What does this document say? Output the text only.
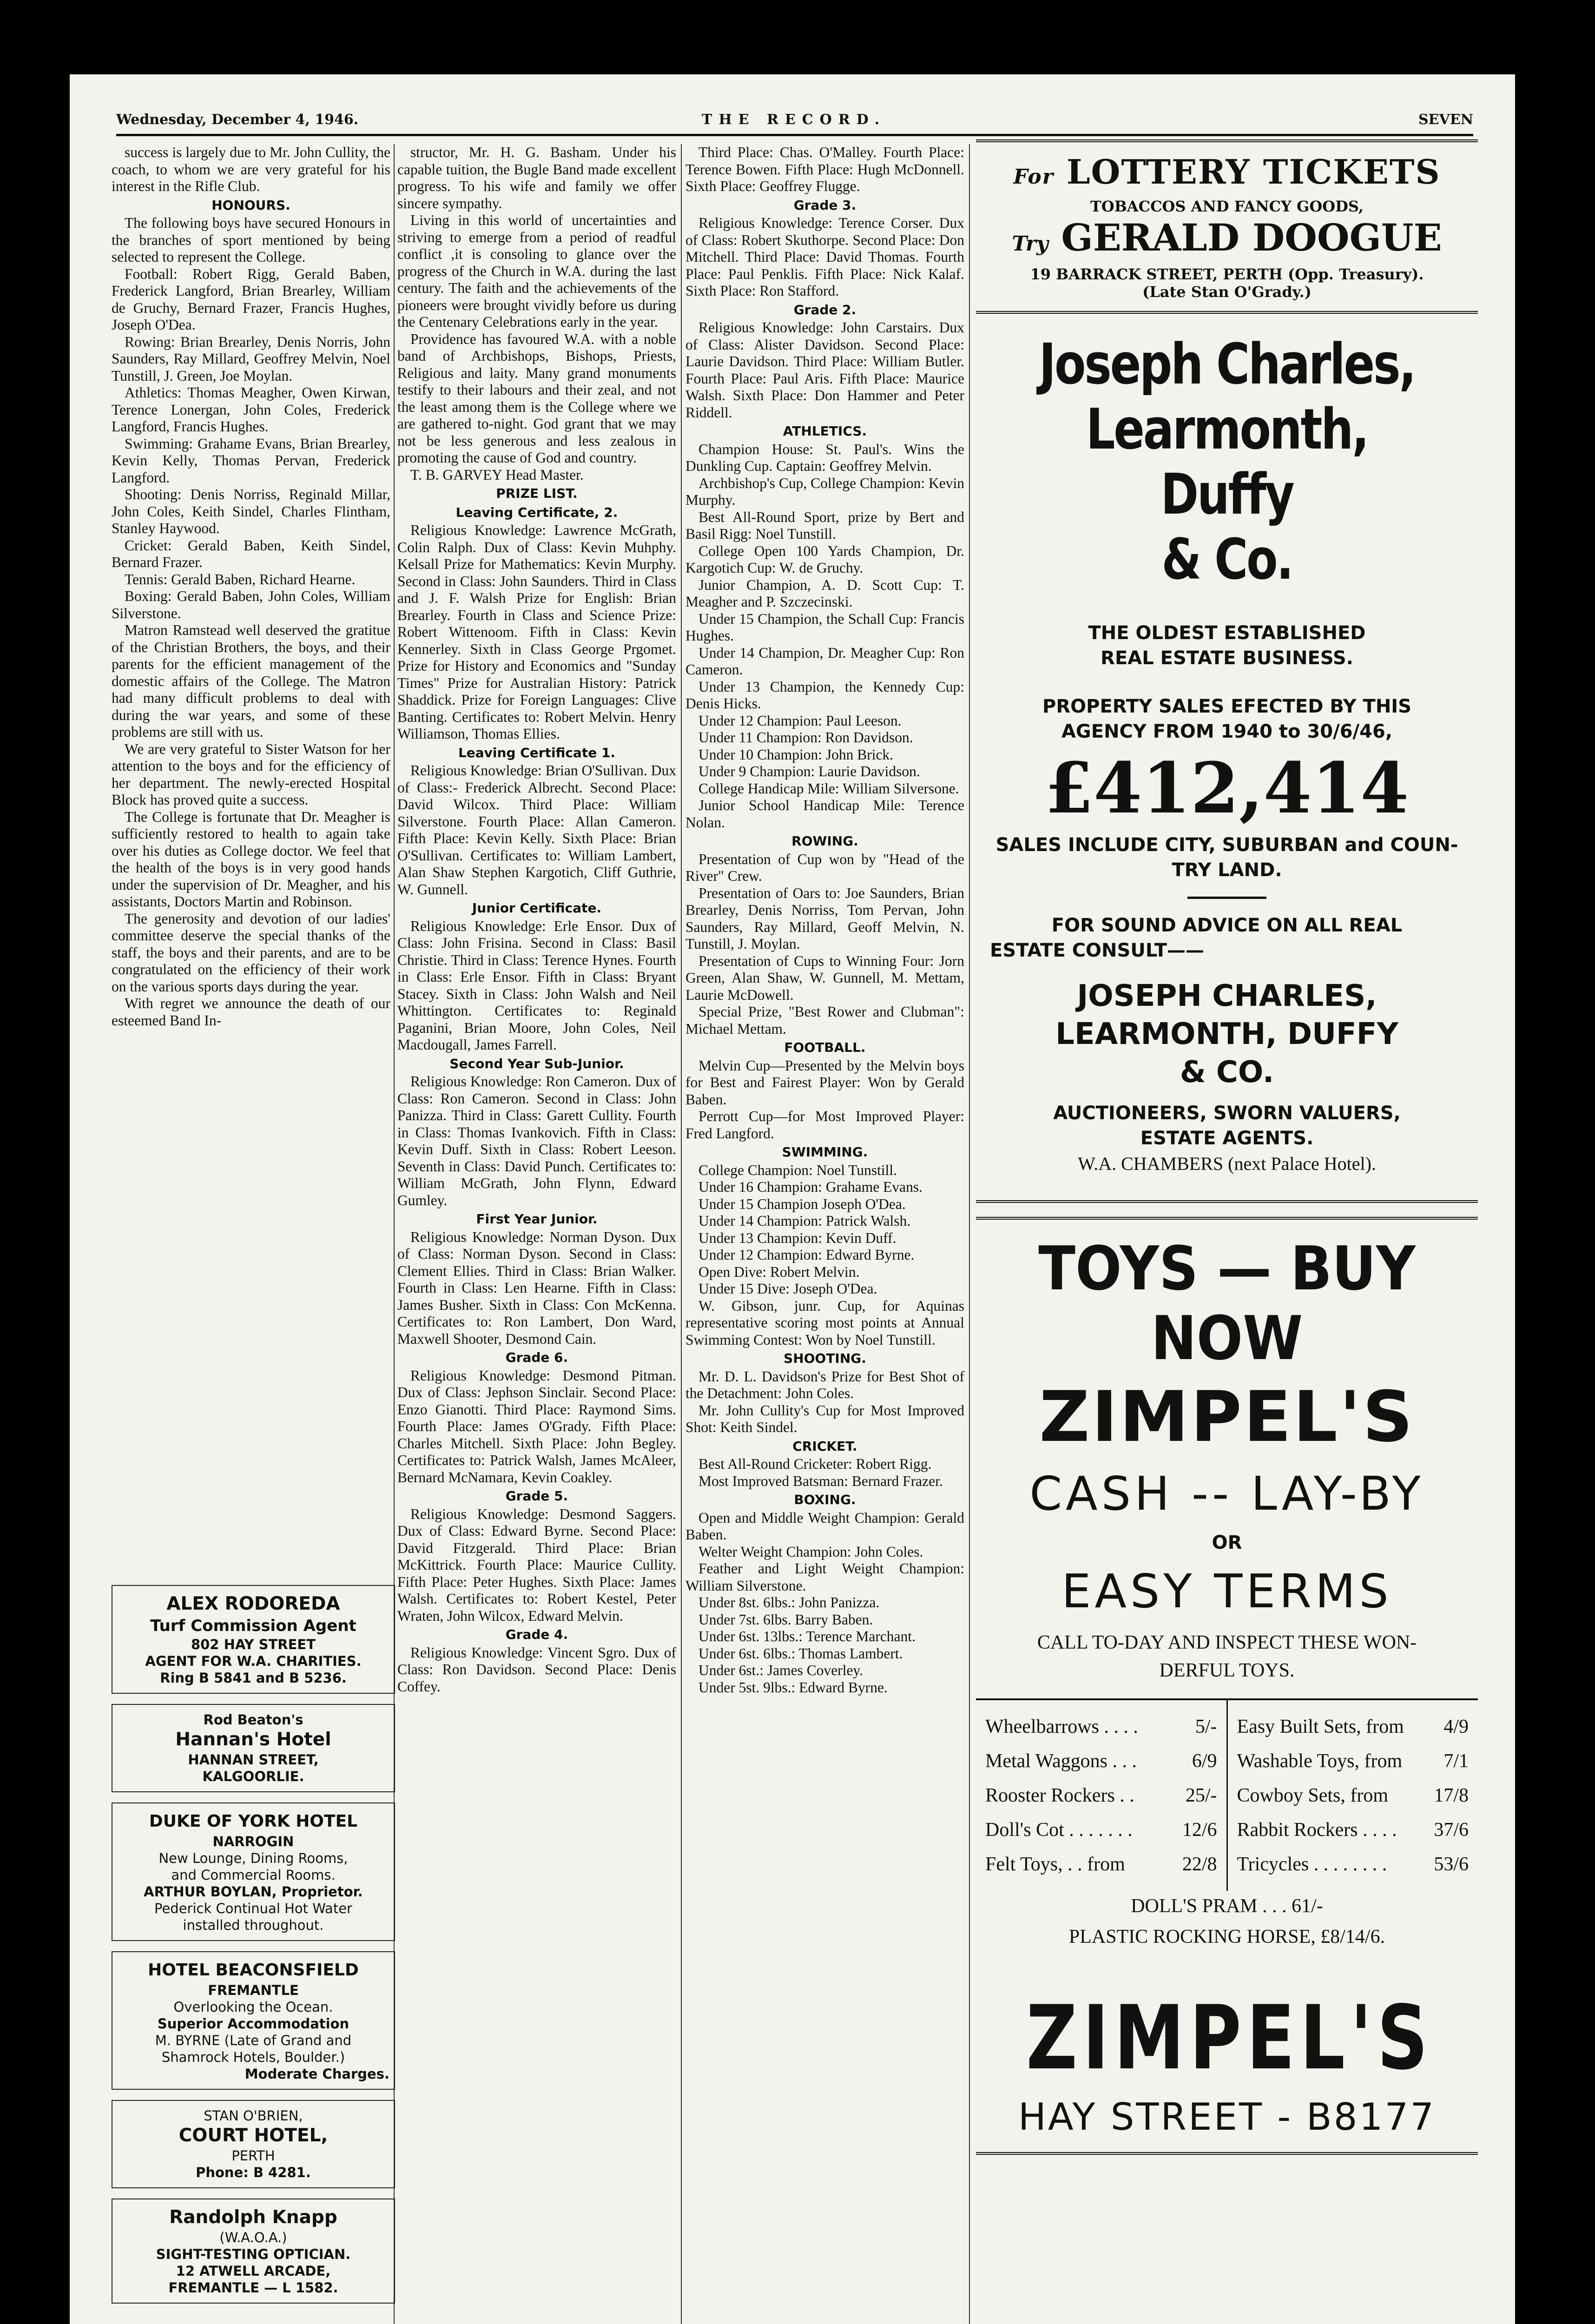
Wednesday, December 4, 1946.	THE RECORD.	SEVEN

success is largely due to Mr. John Cullity, the coach, to whom we are very grateful for his interest in the Rifle Club.

HONOURS.

The following boys have secured Honours in the branches of sport mentioned by being selected to represent the College.

Football: Robert Rigg, Gerald Baben, Frederick Langford, Brian Brearley, William de Gruchy, Bernard Frazer, Francis Hughes, Joseph O'Dea.

Rowing: Brian Brearley, Denis Norris, John Saunders, Ray Millard, Geoffrey Melvin, Noel Tunstill, J. Green, Joe Moylan.

Athletics: Thomas Meagher, Owen Kirwan, Terence Lonergan, John Coles, Frederick Langford, Francis Hughes.

Swimming: Grahame Evans, Brian Brearley, Kevin Kelly, Thomas Pervan, Frederick Langford.

Shooting: Denis Norriss, Reginald Millar, John Coles, Keith Sindel, Charles Flintham, Stanley Haywood.

Cricket: Gerald Baben, Keith Sindel, Bernard Frazer.

Tennis: Gerald Baben, Richard Hearne.

Boxing: Gerald Baben, John Coles, William Silverstone.

Matron Ramstead well deserved the gratitue of the Christian Brothers, the boys, and their parents for the efficient management of the domestic affairs of the College. The Matron had many difficult problems to deal with during the war years, and some of these problems are still with us.

We are very grateful to Sister Watson for her attention to the boys and for the efficiency of her department. The newly-erected Hospital Block has proved quite a success.

The College is fortunate that Dr. Meagher is sufficiently restored to health to again take over his duties as College doctor. We feel that the health of the boys is in very good hands under the supervision of Dr. Meagher, and his assistants, Doctors Martin and Robinson.

The generosity and devotion of our ladies' committee deserve the special thanks of the staff, the boys and their parents, and are to be congratulated on the efficiency of their work on the various sports days during the year.

With regret we announce the death of our esteemed Band In-

structor, Mr. H. G. Basham. Under his capable tuition, the Bugle Band made excellent progress. To his wife and family we offer sincere sympathy.

Living in this world of uncertainties and striving to emerge from a period of readful conflict ,it is consoling to glance over the progress of the Church in W.A. during the last century. The faith and the achievements of the pioneers were brought vividly before us during the Centenary Celebrations early in the year.

Providence has favoured W.A. with a noble band of Archbishops, Bishops, Priests, Religious and laity. Many grand monuments testify to their labours and their zeal, and not the least among them is the College where we are gathered to-night. God grant that we may not be less generous and less zealous in promoting the cause of God and country.

T. B. GARVEY Head Master.

PRIZE LIST.
Leaving Certificate, 2.

Religious Knowledge: Lawrence McGrath, Colin Ralph. Dux of Class: Kevin Muhphy. Kelsall Prize for Mathematics: Kevin Murphy. Second in Class: John Saunders. Third in Class and J. F. Walsh Prize for English: Brian Brearley. Fourth in Class and Science Prize: Robert Wittenoom. Fifth in Class: Kevin Kennerley. Sixth in Class George Prgomet. Prize for History and Economics and "Sunday Times" Prize for Australian History: Patrick Shaddick. Prize for Foreign Languages: Clive Banting. Certificates to: Robert Melvin. Henry Williamson, Thomas Ellies.

Leaving Certificate 1.

Religious Knowledge: Brian O'Sullivan. Dux of Class:- Frederick Albrecht. Second Place: David Wilcox. Third Place: William Silverstone. Fourth Place: Allan Cameron. Fifth Place: Kevin Kelly. Sixth Place: Brian O'Sullivan. Certificates to: William Lambert, Alan Shaw Stephen Kargotich, Cliff Guthrie, W. Gunnell.

Junior Certificate.

Religious Knowledge: Erle Ensor. Dux of Class: John Frisina. Second in Class: Basil Christie. Third in Class: Terence Hynes. Fourth in Class: Erle Ensor. Fifth in Class: Bryant Stacey. Sixth in Class: John Walsh and Neil Whittington. Certificates to: Reginald Paganini, Brian Moore, John Coles, Neil Macdougall, James Farrell.

Second Year Sub-Junior.

Religious Knowledge: Ron Cameron. Dux of Class: Ron Cameron. Second in Class: John Panizza. Third in Class: Garett Cullity. Fourth in Class: Thomas Ivankovich. Fifth in Class: Kevin Duff. Sixth in Class: Robert Leeson. Seventh in Class: David Punch. Certificates to: William McGrath, John Flynn, Edward Gumley.

First Year Junior.

Religious Knowledge: Norman Dyson. Dux of Class: Norman Dyson. Second in Class: Clement Ellies. Third in Class: Brian Walker. Fourth in Class: Len Hearne. Fifth in Class: James Busher. Sixth in Class: Con McKenna. Certificates to: Ron Lambert, Don Ward, Maxwell Shooter, Desmond Cain.

Grade 6.

Religious Knowledge: Desmond Pitman. Dux of Class: Jephson Sinclair. Second Place: Enzo Gianotti. Third Place: Raymond Sims. Fourth Place: James O'Grady. Fifth Place: Charles Mitchell. Sixth Place: John Begley. Certificates to: Patrick Walsh, James McAleer, Bernard McNamara, Kevin Coakley.

Grade 5.

Religious Knowledge: Desmond Saggers. Dux of Class: Edward Byrne. Second Place: David Fitzgerald. Third Place: Brian McKittrick. Fourth Place: Maurice Cullity. Fifth Place: Peter Hughes. Sixth Place: James Walsh. Certificates to: Robert Kestel, Peter Wraten, John Wilcox, Edward Melvin.

Grade 4.

Religious Knowledge: Vincent Sgro. Dux of Class: Ron Davidson. Second Place: Denis Coffey.

Third Place: Chas. O'Malley. Fourth Place: Terence Bowen. Fifth Place: Hugh McDonnell. Sixth Place: Geoffrey Flugge.

Grade 3.

Religious Knowledge: Terence Corser. Dux of Class: Robert Skuthorpe. Second Place: Don Mitchell. Third Place: David Thomas. Fourth Place: Paul Penklis. Fifth Place: Nick Kalaf. Sixth Place: Ron Stafford.

Grade 2.

Religious Knowledge: John Carstairs. Dux of Class: Alister Davidson. Second Place: Laurie Davidson. Third Place: William Butler. Fourth Place: Paul Aris. Fifth Place: Maurice Walsh. Sixth Place: Don Hammer and Peter Riddell.

ATHLETICS.

Champion House: St. Paul's. Wins the Dunkling Cup. Captain: Geoffrey Melvin.

Archbishop's Cup, College Champion: Kevin Murphy.

Best All-Round Sport, prize by Bert and Basil Rigg: Noel Tunstill.

College Open 100 Yards Champion, Dr. Kargotich Cup: W. de Gruchy.

Junior Champion, A. D. Scott Cup: T. Meagher and P. Szczecinski.

Under 15 Champion, the Schall Cup: Francis Hughes.

Under 14 Champion, Dr. Meagher Cup: Ron Cameron.

Under 13 Champion, the Kennedy Cup: Denis Hicks.

Under 12 Champion: Paul Leeson.

Under 11 Champion: Ron Davidson.

Under 10 Champion: John Brick.

Under 9 Champion: Laurie Davidson.

College Handicap Mile: William Silversone.

Junior School Handicap Mile: Terence Nolan.

ROWING.

Presentation of Cup won by "Head of the River" Crew.

Presentation of Oars to: Joe Saunders, Brian Brearley, Denis Norriss, Tom Pervan, John Saunders, Ray Millard, Geoff Melvin, N. Tunstill, J. Moylan.

Presentation of Cups to Winning Four: Jorn Green, Alan Shaw, W. Gunnell, M. Mettam, Laurie McDowell.

Special Prize, "Best Rower and Clubman": Michael Mettam.

FOOTBALL.

Melvin Cup—Presented by the Melvin boys for Best and Fairest Player: Won by Gerald Baben.

Perrott Cup—for Most Improved Player: Fred Langford.

SWIMMING.

College Champion: Noel Tunstill.

Under 16 Champion: Grahame Evans.

Under 15 Champion Joseph O'Dea.

Under 14 Champion: Patrick Walsh.

Under 13 Champion: Kevin Duff.

Under 12 Champion: Edward Byrne.

Open Dive: Robert Melvin.

Under 15 Dive: Joseph O'Dea.

W. Gibson, junr. Cup, for Aquinas representative scoring most points at Annual Swimming Contest: Won by Noel Tunstill.

SHOOTING.

Mr. D. L. Davidson's Prize for Best Shot of the Detachment: John Coles.

Mr. John Cullity's Cup for Most Improved Shot: Keith Sindel.

CRICKET.

Best All-Round Cricketer: Robert Rigg.

Most Improved Batsman: Bernard Frazer.

BOXING.

Open and Middle Weight Champion: Gerald Baben.

Welter Weight Champion: John Coles.

Feather and Light Weight Champion: William Silverstone.

Under 8st. 6lbs.: John Panizza.

Under 7st. 6lbs. Barry Baben.

Under 6st. 13lbs.: Terence Marchant.

Under 6st. 6lbs.: Thomas Lambert.

Under 6st.: James Coverley.

Under 5st. 9lbs.: Edward Byrne.

ALEX RODOREDA
Turf Commission Agent
802 HAY STREET
AGENT FOR W.A. CHARITIES.
Ring B 5841 and B 5236.
Rod Beaton's
Hannan's Hotel
HANNAN STREET,
KALGOORLIE.
DUKE OF YORK HOTEL
NARROGIN
New Lounge, Dining Rooms,
and Commercial Rooms.
ARTHUR BOYLAN, Proprietor.
Pederick Continual Hot Water
installed throughout.
HOTEL BEACONSFIELD
FREMANTLE
Overlooking the Ocean.
Superior Accommodation
M. BYRNE (Late of Grand and
Shamrock Hotels, Boulder.)
Moderate Charges.
STAN O'BRIEN,
COURT HOTEL,
PERTH
Phone: B 4281.
Randolph Knapp
(W.A.O.A.)
SIGHT-TESTING OPTICIAN.
12 ATWELL ARCADE,
FREMANTLE — L 1582.
For LOTTERY TICKETS
TOBACCOS AND FANCY GOODS,
Try GERALD DOOGUE
19 BARRACK STREET, PERTH (Opp. Treasury).
(Late Stan O'Grady.)
Joseph Charles,
Learmonth, Duffy
& Co.
THE OLDEST ESTABLISHED
REAL ESTATE BUSINESS.
PROPERTY SALES EFECTED BY THIS
AGENCY FROM 1940 to 30/6/46,
£412,414
SALES INCLUDE CITY, SUBURBAN and COUN-
TRY LAND.
FOR SOUND ADVICE ON ALL REAL
ESTATE CONSULT——
JOSEPH CHARLES,
LEARMONTH, DUFFY
& CO.
AUCTIONEERS, SWORN VALUERS,
ESTATE AGENTS.
W.A. CHAMBERS (next Palace Hotel).
TOYS — BUY NOW
ZIMPEL'S
CASH -- LAY-BY
OR
EASY TERMS
CALL TO-DAY AND INSPECT THESE WON-
DERFUL TOYS.
Wheelbarrows . . . .	5/-
Metal Waggons . . .	6/9
Rooster Rockers . .	25/-
Doll's Cot . . . . . . .	12/6
Felt Toys, . . from	22/8
Easy Built Sets, from 4/9
Washable Toys, from 7/1
Cowboy Sets, from 17/8
Rabbit Rockers . . . . 37/6
Tricycles . . . . . . . . 53/6
DOLL'S PRAM . . . 61/-
PLASTIC ROCKING HORSE, £8/14/6.
ZIMPEL'S
HAY STREET - B8177
